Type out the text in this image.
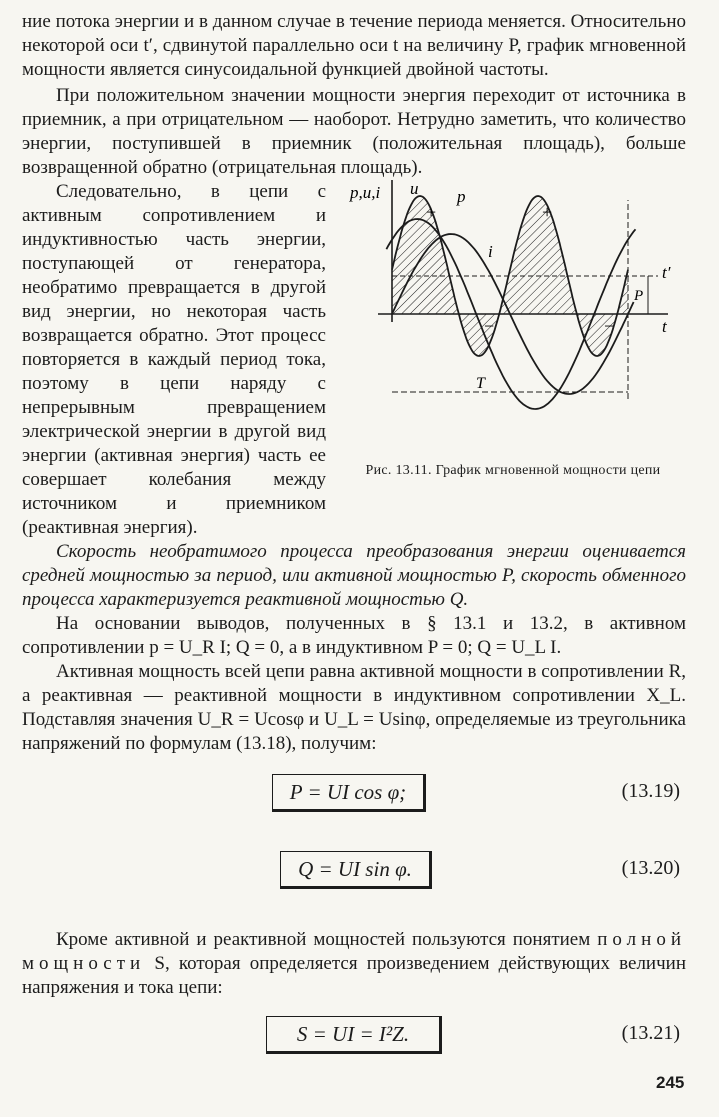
ние потока энергии и в данном случае в течение периода меняется. Относительно некоторой оси t′, сдвинутой параллельно оси t на величину P, график мгновенной мощности является синусоидальной функцией двойной частоты.

При положительном значении мощности энергия переходит от источника в приемник, а при отрицательном — наоборот. Нетрудно заметить, что количество энергии, поступившей в приемник (положительная площадь), больше возвращенной обратно (отрицательная площадь).

p,u,i u p
i
t′
t
P
T
+	+
−	−
Рис. 13.11. График мгновенной мощности цепи

Следовательно, в цепи с активным сопротивлением и индуктивностью часть энергии, поступающей от генератора, необратимо превращается в другой вид энергии, но некоторая часть возвращается обратно. Этот процесс повторяется в каждый период тока, поэтому в цепи наряду с непрерывным превращением электрической энергии в другой вид энергии (активная энергия) часть ее совершает колебания между источником и приемником (реактивная энергия).

Скорость необратимого процесса преобразования энергии оценивается средней мощностью за период, или активной мощностью P, скорость обменного процесса характеризуется реактивной мощностью Q.

На основании выводов, полученных в § 13.1 и 13.2, в активном сопротивлении p = U_R I; Q = 0, а в индуктивном P = 0; Q = U_L I.

Активная мощность всей цепи равна активной мощности в сопротивлении R, а реактивная — реактивной мощности в индуктивном сопротивлении X_L. Подставляя значения U_R = Ucosφ и U_L = Usinφ, определяемые из треугольника напряжений по формулам (13.18), получим:

P = UI cos φ;	(13.19)
Q = UI sin φ.	(13.20)

Кроме активной и реактивной мощностей пользуются понятием полной мощности S, которая определяется произведением действующих величин напряжения и тока цепи:

S = UI = I²Z.	(13.21)
245
